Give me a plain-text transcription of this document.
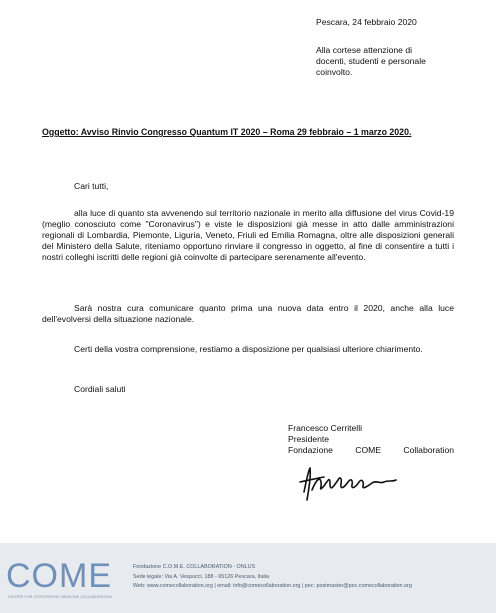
Pescara, 24 febbraio 2020
Alla cortese attenzione di
docenti, studenti e personale
coinvolto.
Oggetto: Avviso Rinvio Congresso Quantum IT 2020 – Roma 29 febbraio – 1 marzo 2020.
Cari tutti,
alla luce di quanto sta avvenendo sul territorio nazionale in merito alla diffusione del virus Covid-19 (meglio conosciuto come "Coronavirus") e viste le disposizioni già messe in atto dalle amministrazioni regionali di Lombardia, Piemonte, Liguria, Veneto, Friuli ed Emilia Romagna, oltre alle disposizioni generali del Ministero della Salute, riteniamo opportuno rinviare il congresso in oggetto, al fine di consentire a tutti i nostri colleghi iscritti delle regioni già coinvolte di partecipare serenamente all'evento.
Sarà nostra cura comunicare quanto prima una nuova data entro il 2020, anche alla luce dell'evolversi della situazione nazionale.
Certi della vostra comprensione, restiamo a disposizione per qualsiasi ulteriore chiarimento.
Cordiali saluti
Francesco Cerritelli
Presidente
Fondazione	COME	Collaboration
COME
CENTER FOR OSTEOPATHIC MEDICINE COLLABORATION
Fondazione C.O.M.E. COLLABORATION - ONLUS
Sede legale: Via A. Vespucci, 188 - 65126 Pescara, Italia
Web: www.comecollaboration.org | email: info@comecollaboration.org | pec: postmaster@pec.comecollaboration.org
